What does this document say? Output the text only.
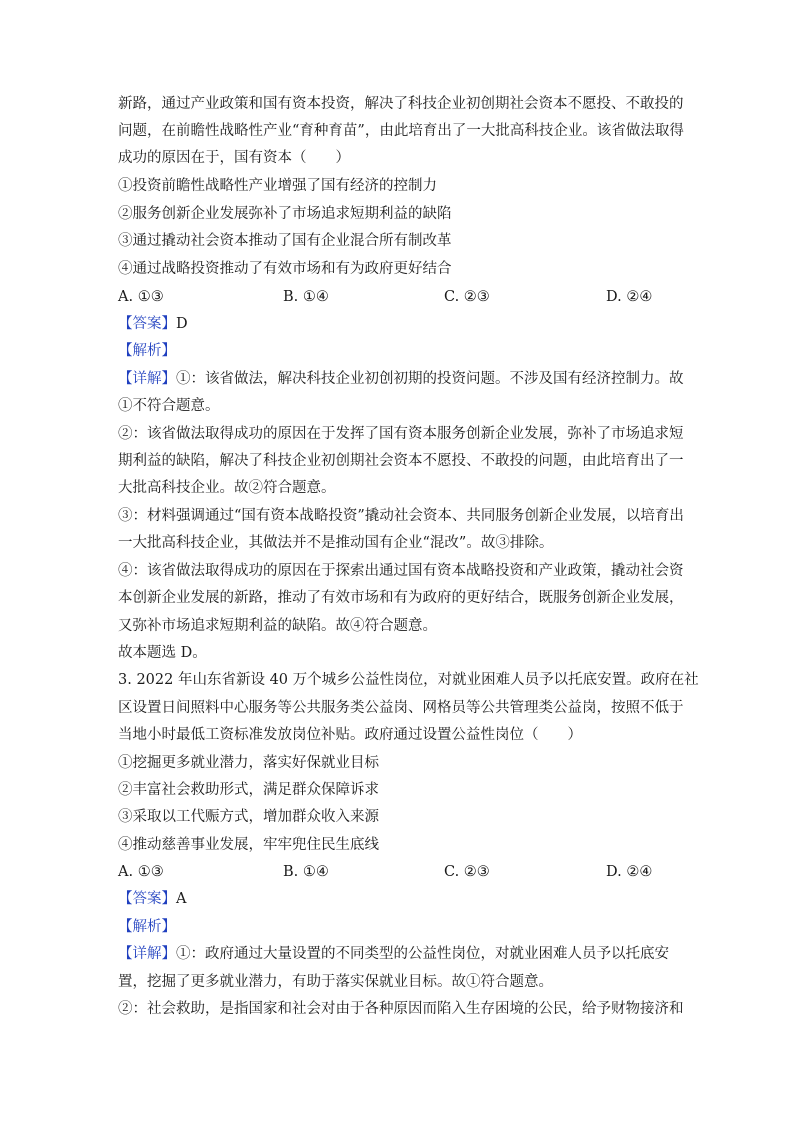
新路，通过产业政策和国有资本投资，解决了科技企业初创期社会资本不愿投、不敢投的
问题，在前瞻性战略性产业“育种育苗”，由此培育出了一大批高科技企业。该省做法取得
成功的原因在于，国有资本（　　）
①投资前瞻性战略性产业增强了国有经济的控制力
②服务创新企业发展弥补了市场追求短期利益的缺陷
③通过撬动社会资本推动了国有企业混合所有制改革
④通过战略投资推动了有效市场和有为政府更好结合
A. ①③	B. ①④	C. ②③	D. ②④
【答案】D
【解析】
【详解】①：该省做法，解决科技企业初创初期的投资问题。不涉及国有经济控制力。故
①不符合题意。
②：该省做法取得成功的原因在于发挥了国有资本服务创新企业发展，弥补了市场追求短
期利益的缺陷，解决了科技企业初创期社会资本不愿投、不敢投的问题，由此培育出了一
大批高科技企业。故②符合题意。
③：材料强调通过“国有资本战略投资”撬动社会资本、共同服务创新企业发展，以培育出
一大批高科技企业，其做法并不是推动国有企业“混改”。故③排除。
④：该省做法取得成功的原因在于探索出通过国有资本战略投资和产业政策，撬动社会资
本创新企业发展的新路，推动了有效市场和有为政府的更好结合，既服务创新企业发展，
又弥补市场追求短期利益的缺陷。故④符合题意。
故本题选 D。
3. 2022 年山东省新设 40 万个城乡公益性岗位，对就业困难人员予以托底安置。政府在社
区设置日间照料中心服务等公共服务类公益岗、网格员等公共管理类公益岗，按照不低于
当地小时最低工资标准发放岗位补贴。政府通过设置公益性岗位（　　）
①挖掘更多就业潜力，落实好保就业目标
②丰富社会救助形式，满足群众保障诉求
③采取以工代赈方式，增加群众收入来源
④推动慈善事业发展，牢牢兜住民生底线
A. ①③	B. ①④	C. ②③	D. ②④
【答案】A
【解析】
【详解】①：政府通过大量设置的不同类型的公益性岗位，对就业困难人员予以托底安
置，挖掘了更多就业潜力，有助于落实保就业目标。故①符合题意。
②：社会救助，是指国家和社会对由于各种原因而陷入生存困境的公民，给予财物接济和
